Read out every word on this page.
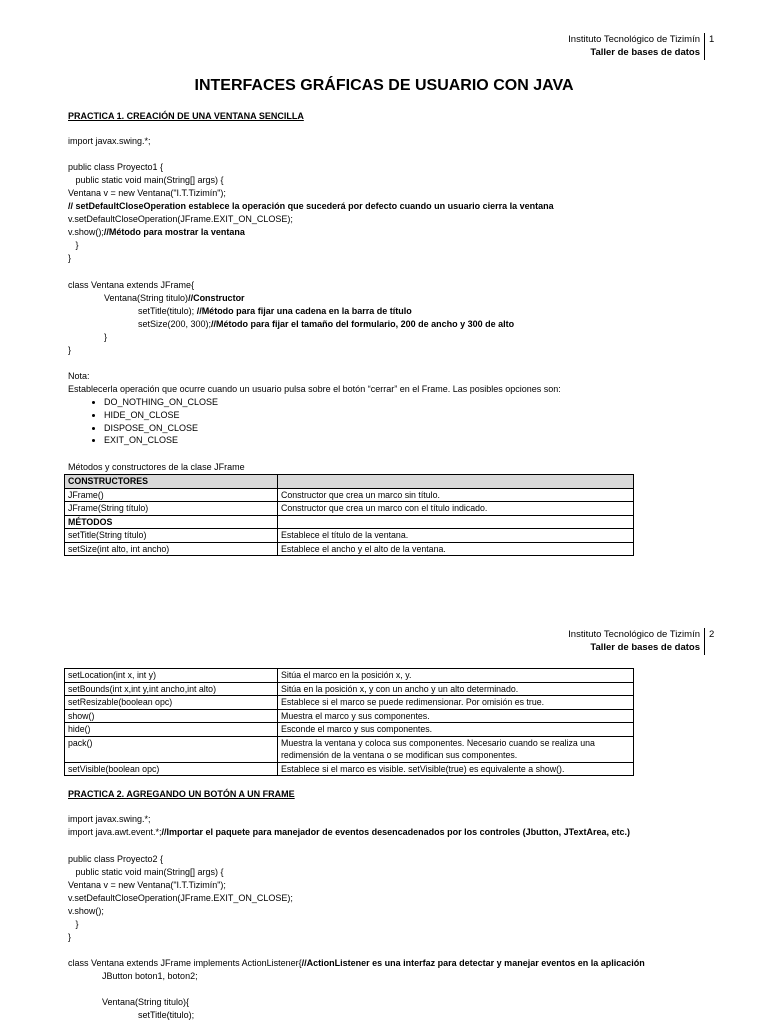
Instituto Tecnológico de Tizimín
Taller de bases de datos
1
INTERFACES GRÁFICAS DE USUARIO CON JAVA
PRACTICA 1. CREACIÓN DE UNA VENTANA SENCILLA
import javax.swing.*;
public class Proyecto1 {
public static void main(String[] args) {
Ventana v = new Ventana("I.T.Tizimín");
// setDefaultCloseOperation establece la operación que sucederá por defecto cuando un usuario cierra la ventana
v.setDefaultCloseOperation(JFrame.EXIT_ON_CLOSE);
v.show();//Método para mostrar la ventana
}
}
class Ventana extends JFrame{
Ventana(String titulo)//Constructor
setTitle(titulo); //Método para fijar una cadena en la barra de título
setSize(200, 300);//Método para fijar el tamaño del formulario, 200 de ancho y 300 de alto
}
}
Nota:
Establecerla operación que ocurre cuando un usuario pulsa sobre el botón “cerrar” en el Frame. Las posibles opciones son:
• DO_NOTHING_ON_CLOSE
• HIDE_ON_CLOSE
• DISPOSE_ON_CLOSE
• EXIT_ON_CLOSE
Métodos y constructores de la clase JFrame
CONSTRUCTORES	
JFrame()	Constructor que crea un marco sin título.
JFrame(String título)	Constructor que crea un marco con el título indicado.
MÉTODOS	
setTitle(String título)	Establece el título de la ventana.
setSize(int alto, int ancho)	Establece el ancho y el alto de la ventana.
Instituto Tecnológico de Tizimín
Taller de bases de datos
2
setLocation(int x, int y)	Sitúa el marco en la posición x, y.
setBounds(int x,int y,int ancho,int alto)	Sitúa en la posición x, y con un ancho y un alto determinado.
setResizable(boolean opc)	Establece si el marco se puede redimensionar. Por omisión es true.
show()	Muestra el marco y sus componentes.
hide()	Esconde el marco y sus componentes.
pack()	Muestra la ventana y coloca sus componentes. Necesario cuando se realiza una redimensión de la ventana o se modifican sus componentes.
setVisible(boolean opc)	Establece si el marco es visible. setVisible(true) es equivalente a show().
PRACTICA 2. AGREGANDO UN BOTÓN A UN FRAME
import javax.swing.*;
import java.awt.event.*;//Importar el paquete para manejador de eventos desencadenados por los controles (Jbutton, JTextArea, etc.)
public class Proyecto2 {
public static void main(String[] args) {
Ventana v = new Ventana("I.T.Tizimín");
v.setDefaultCloseOperation(JFrame.EXIT_ON_CLOSE);
v.show();
}
}
class Ventana extends JFrame implements ActionListener{//ActionListener es una interfaz para detectar y manejar eventos en la aplicación
JButton boton1, boton2;
Ventana(String titulo){
setTitle(titulo);
